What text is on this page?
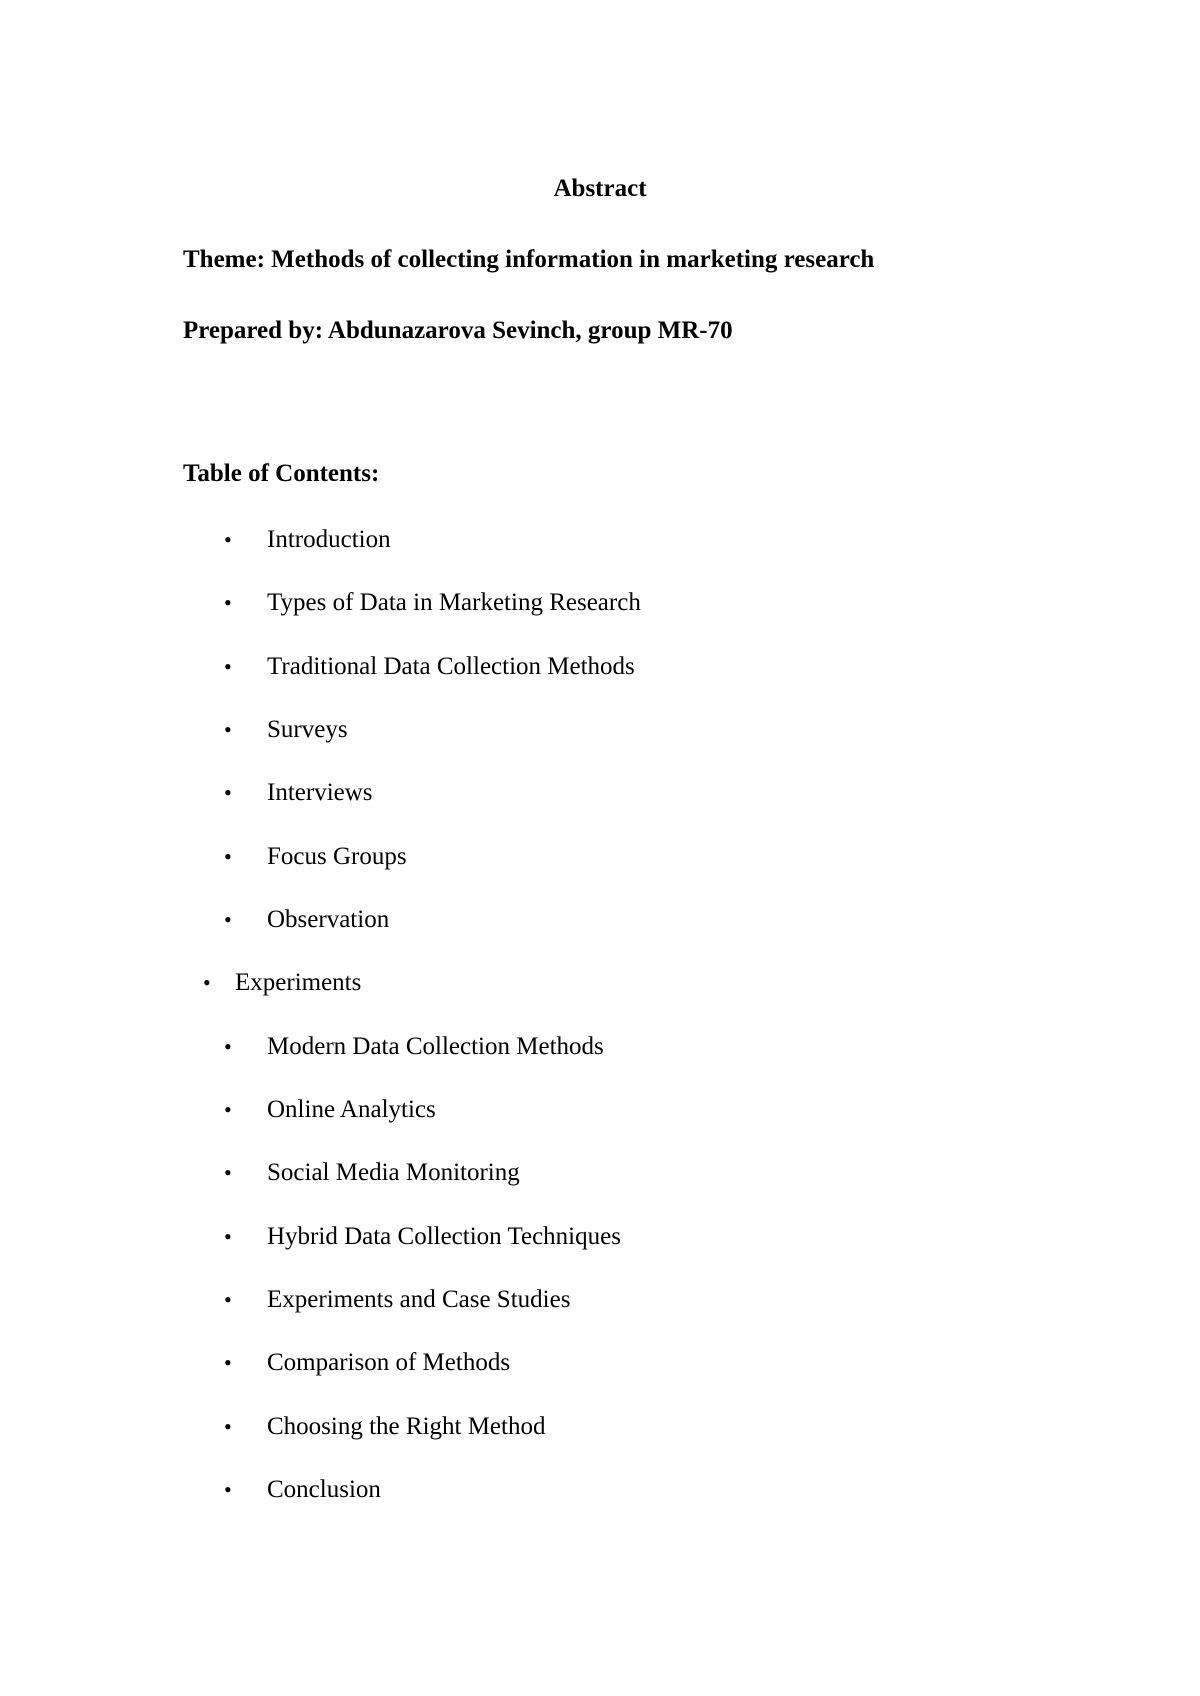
Abstract
Theme: Methods of collecting information in marketing research
Prepared by: Abdunazarova Sevinch, group MR-70
Table of Contents:
• Introduction
• Types of Data in Marketing Research
• Traditional Data Collection Methods
• Surveys
• Interviews
• Focus Groups
• Observation
• Experiments
• Modern Data Collection Methods
• Online Analytics
• Social Media Monitoring
• Hybrid Data Collection Techniques
• Experiments and Case Studies
• Comparison of Methods
• Choosing the Right Method
• Conclusion
